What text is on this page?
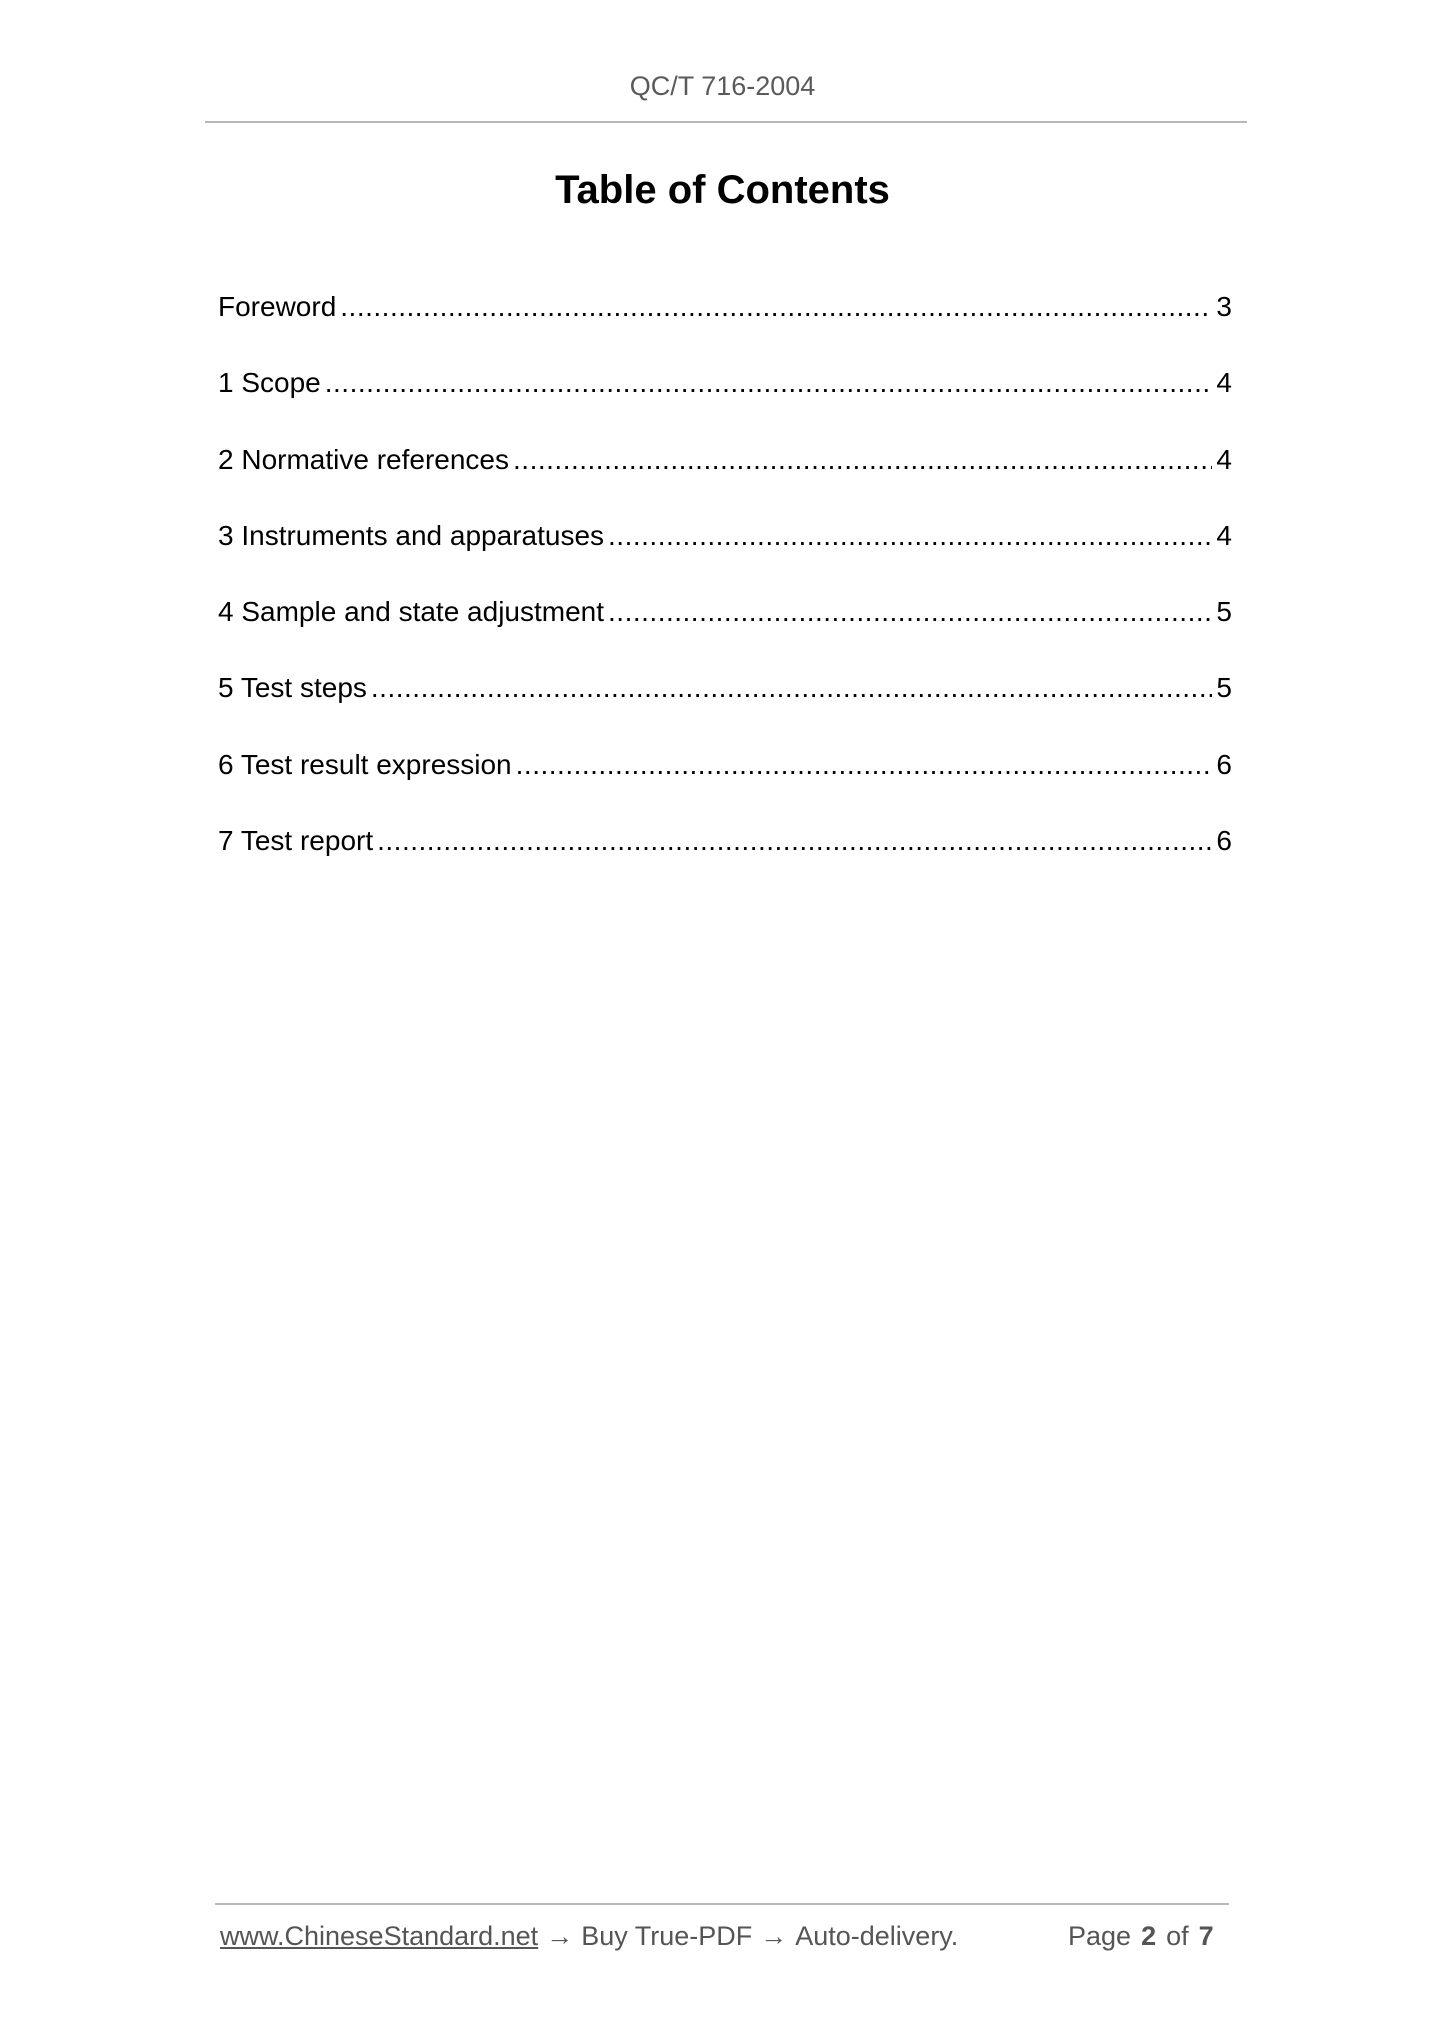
QC/T 716-2004
Table of Contents
Foreword .....	3
1 Scope .....	4
2 Normative references .....	4
3 Instruments and apparatuses .....	4
4 Sample and state adjustment .....	5
5 Test steps .....	5
6 Test result expression .....	6
7 Test report .....	6
www.ChineseStandard.net → Buy True-PDF → Auto-delivery.	Page 2 of 7
